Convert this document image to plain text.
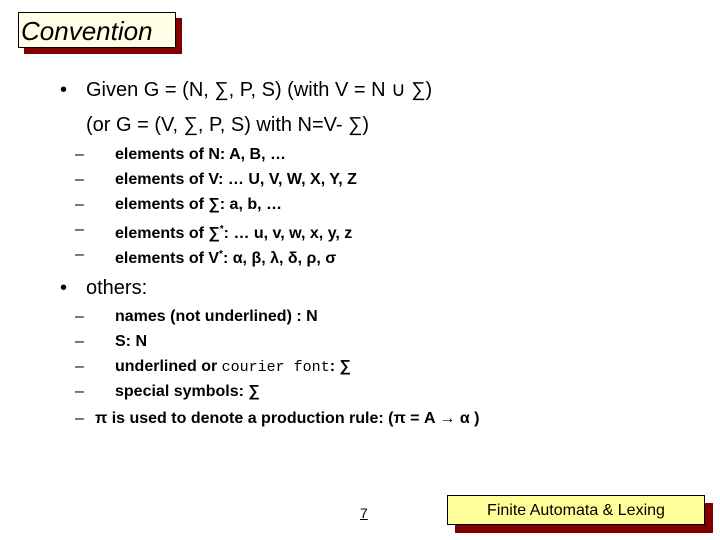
Convention
• Given G = (N, ∑, P, S) (with V = N ∪ ∑)
(or G = (V, ∑, P, S) with N=V- ∑)
– elements of N: A, B, …
– elements of V: … U, V, W, X, Y, Z
– elements of ∑: a, b, …
– elements of ∑*: … u, v, w, x, y, z
– elements of V*: α, β, λ, δ, ρ, σ
• others:
– names (not underlined) : N
– S: N
– underlined or courier font: ∑
– special symbols: ∑
– π is used to denote a production rule: (π = A → α )
7	Finite Automata & Lexing
